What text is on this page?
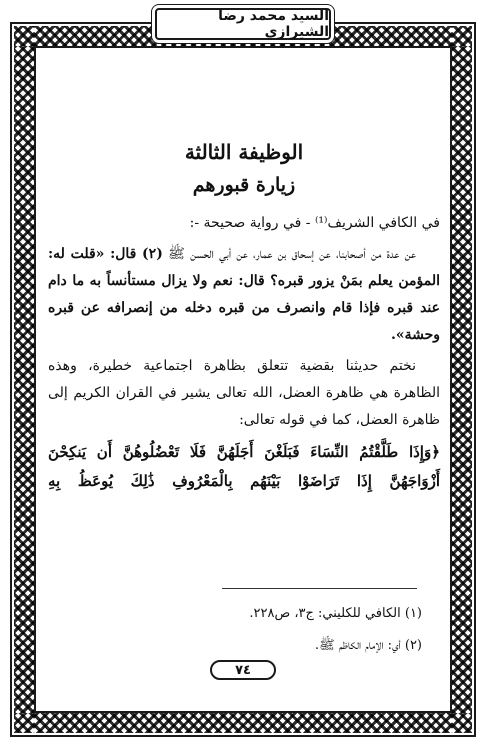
السيد محمد رضا الشيرازي
الوظيفة الثالثة
زيارة قبورهم

في الكافي الشريف⁽¹⁾ - في رواية صحيحة -:

عن عدة من أصحابنا، عن إسحاق بن عمار، عن أبي الحسن ﷺ (٢) قال: «قلت له: المؤمن يعلم بمَنْ يزور قبره؟ قال: نعم ولا يزال مستأنساً به ما دام عند قبره فإذا قام وانصرف من قبره دخله من إنصرافه عن قبره وحشة».

نختم حديثنا بقضية تتعلق بظاهرة اجتماعية خطيرة، وهذه الظاهرة هي ظاهرة العضل، الله تعالى يشير في القران الكريم إلى ظاهرة العضل، كما في قوله تعالى:

﴿وَإِذَا طَلَّقْتُمُ النِّسَاءَ فَبَلَغْنَ أَجَلَهُنَّ فَلَا تَعْضُلُوهُنَّ أَن يَنكِحْنَ أَزْوَاجَهُنَّ إِذَا تَرَاضَوْا بَيْنَهُم بِالْمَعْرُوفِ ذَٰلِكَ يُوعَظُ بِهِ

(١) الكافي للكليني: ج٣، ص٢٢٨.
(٢) أي: الإمام الكاظم ﷺ.
٧٤
